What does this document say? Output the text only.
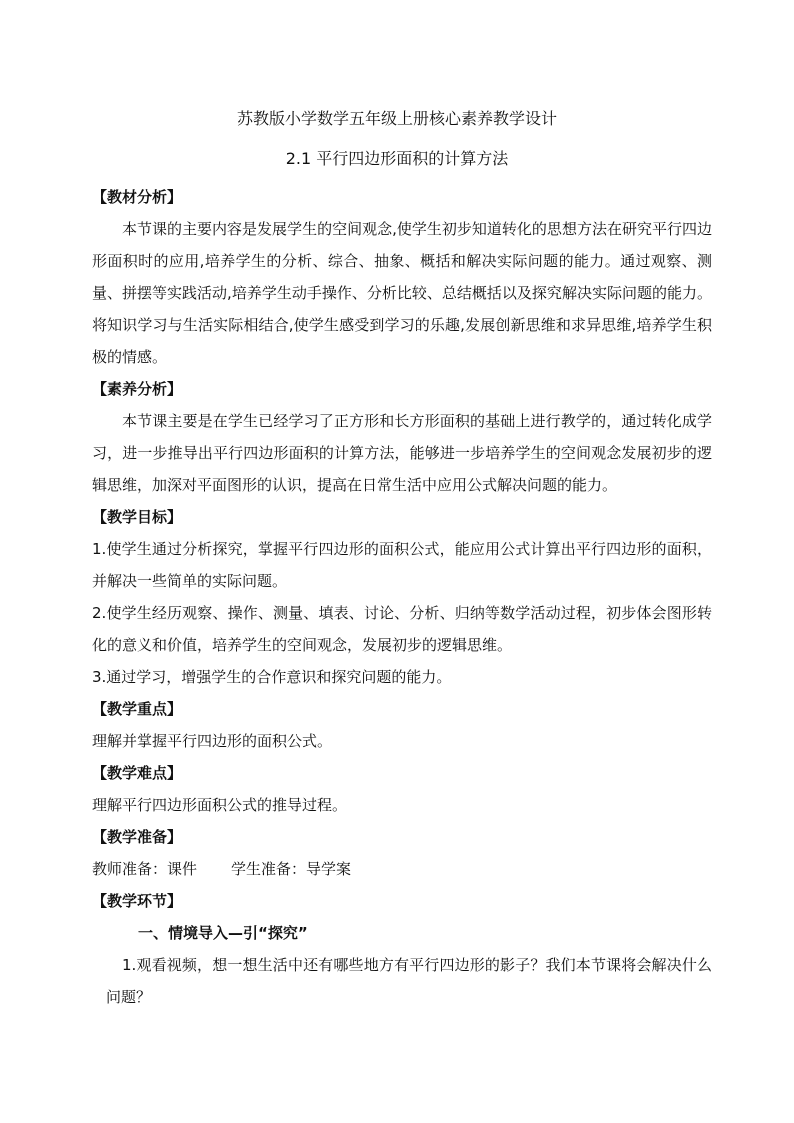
苏教版小学数学五年级上册核心素养教学设计
2.1 平行四边形面积的计算方法
【教材分析】
本节课的主要内容是发展学生的空间观念,使学生初步知道转化的思想方法在研究平行四边形面积时的应用,培养学生的分析、综合、抽象、概括和解决实际问题的能力。通过观察、测量、拼摆等实践活动,培养学生动手操作、分析比较、总结概括以及探究解决实际问题的能力。将知识学习与生活实际相结合,使学生感受到学习的乐趣,发展创新思维和求异思维,培养学生积极的情感。
【素养分析】
本节课主要是在学生已经学习了正方形和长方形面积的基础上进行教学的，通过转化成学习，进一步推导出平行四边形面积的计算方法，能够进一步培养学生的空间观念发展初步的逻辑思维，加深对平面图形的认识，提高在日常生活中应用公式解决问题的能力。
【教学目标】
1.使学生通过分析探究，掌握平行四边形的面积公式，能应用公式计算出平行四边形的面积，并解决一些简单的实际问题。
2.使学生经历观察、操作、测量、填表、讨论、分析、归纳等数学活动过程，初步体会图形转化的意义和价值，培养学生的空间观念，发展初步的逻辑思维。
3.通过学习，增强学生的合作意识和探究问题的能力。
【教学重点】
理解并掌握平行四边形的面积公式。
【教学难点】
理解平行四边形面积公式的推导过程。
【教学准备】
教师准备：课件 学生准备：导学案
【教学环节】
一、情境导入—引“探究”
1.观看视频，想一想生活中还有哪些地方有平行四边形的影子？我们本节课将会解决什么问题？
